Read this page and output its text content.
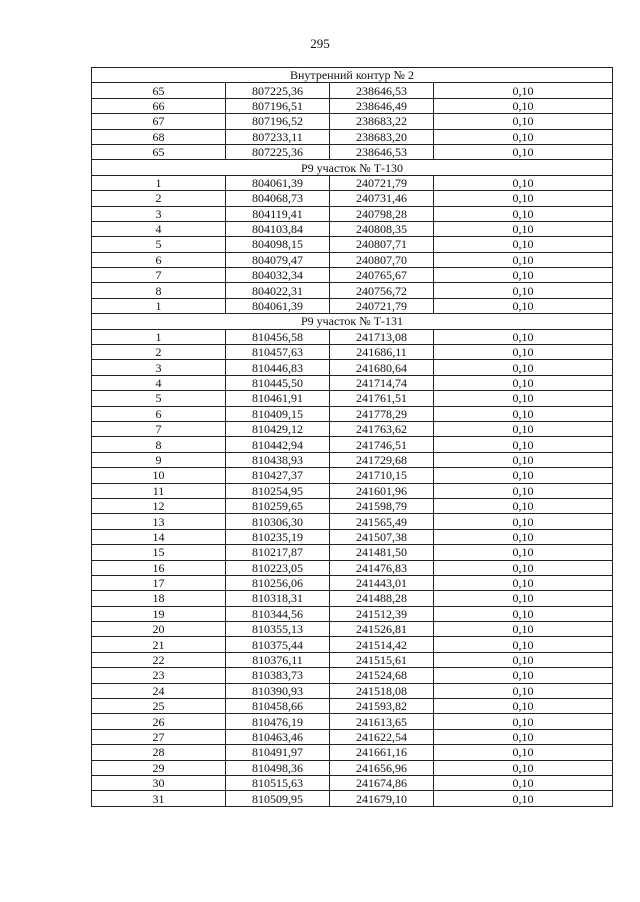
295
Внутренний контур № 2			
65	807225,36	238646,53	0,10
66	807196,51	238646,49	0,10
67	807196,52	238683,22	0,10
68	807233,11	238683,20	0,10
65	807225,36	238646,53	0,10
Р9 участок № Т-130			
1	804061,39	240721,79	0,10
2	804068,73	240731,46	0,10
3	804119,41	240798,28	0,10
4	804103,84	240808,35	0,10
5	804098,15	240807,71	0,10
6	804079,47	240807,70	0,10
7	804032,34	240765,67	0,10
8	804022,31	240756,72	0,10
1	804061,39	240721,79	0,10
Р9 участок № Т-131			
1	810456,58	241713,08	0,10
2	810457,63	241686,11	0,10
3	810446,83	241680,64	0,10
4	810445,50	241714,74	0,10
5	810461,91	241761,51	0,10
6	810409,15	241778,29	0,10
7	810429,12	241763,62	0,10
8	810442,94	241746,51	0,10
9	810438,93	241729,68	0,10
10	810427,37	241710,15	0,10
11	810254,95	241601,96	0,10
12	810259,65	241598,79	0,10
13	810306,30	241565,49	0,10
14	810235,19	241507,38	0,10
15	810217,87	241481,50	0,10
16	810223,05	241476,83	0,10
17	810256,06	241443,01	0,10
18	810318,31	241488,28	0,10
19	810344,56	241512,39	0,10
20	810355,13	241526,81	0,10
21	810375,44	241514,42	0,10
22	810376,11	241515,61	0,10
23	810383,73	241524,68	0,10
24	810390,93	241518,08	0,10
25	810458,66	241593,82	0,10
26	810476,19	241613,65	0,10
27	810463,46	241622,54	0,10
28	810491,97	241661,16	0,10
29	810498,36	241656,96	0,10
30	810515,63	241674,86	0,10
31	810509,95	241679,10	0,10
